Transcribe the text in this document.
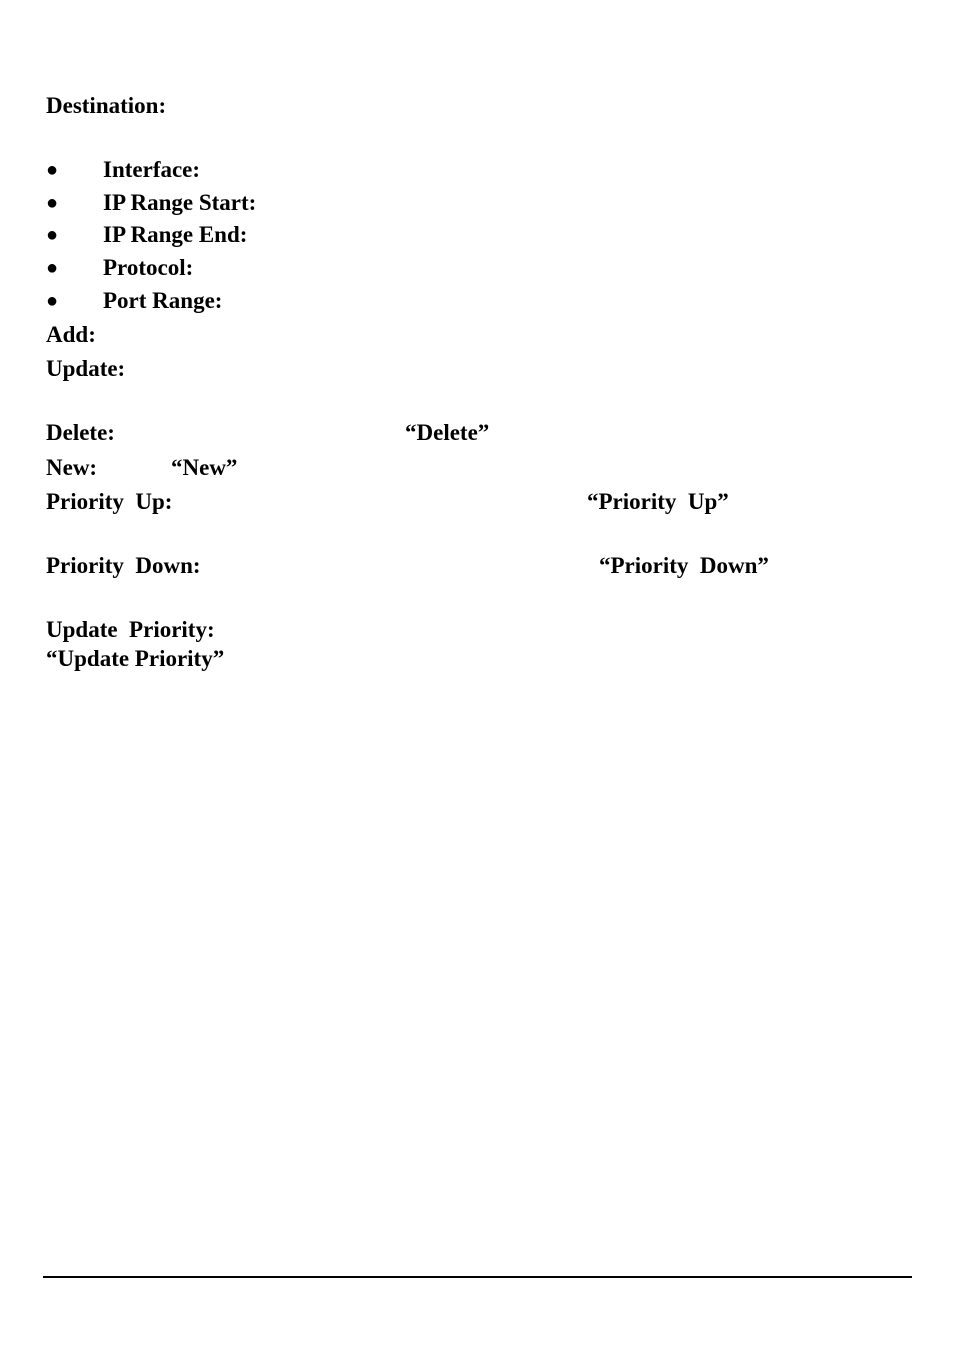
Destination:
● Interface:
● IP Range Start:
● IP Range End:
● Protocol:
● Port Range:
Add:
Update:
Delete:	“Delete”
New:	“New”
Priority  Up:	“Priority  Up”
Priority  Down:	“Priority  Down”
Update  Priority:
“Update Priority”
